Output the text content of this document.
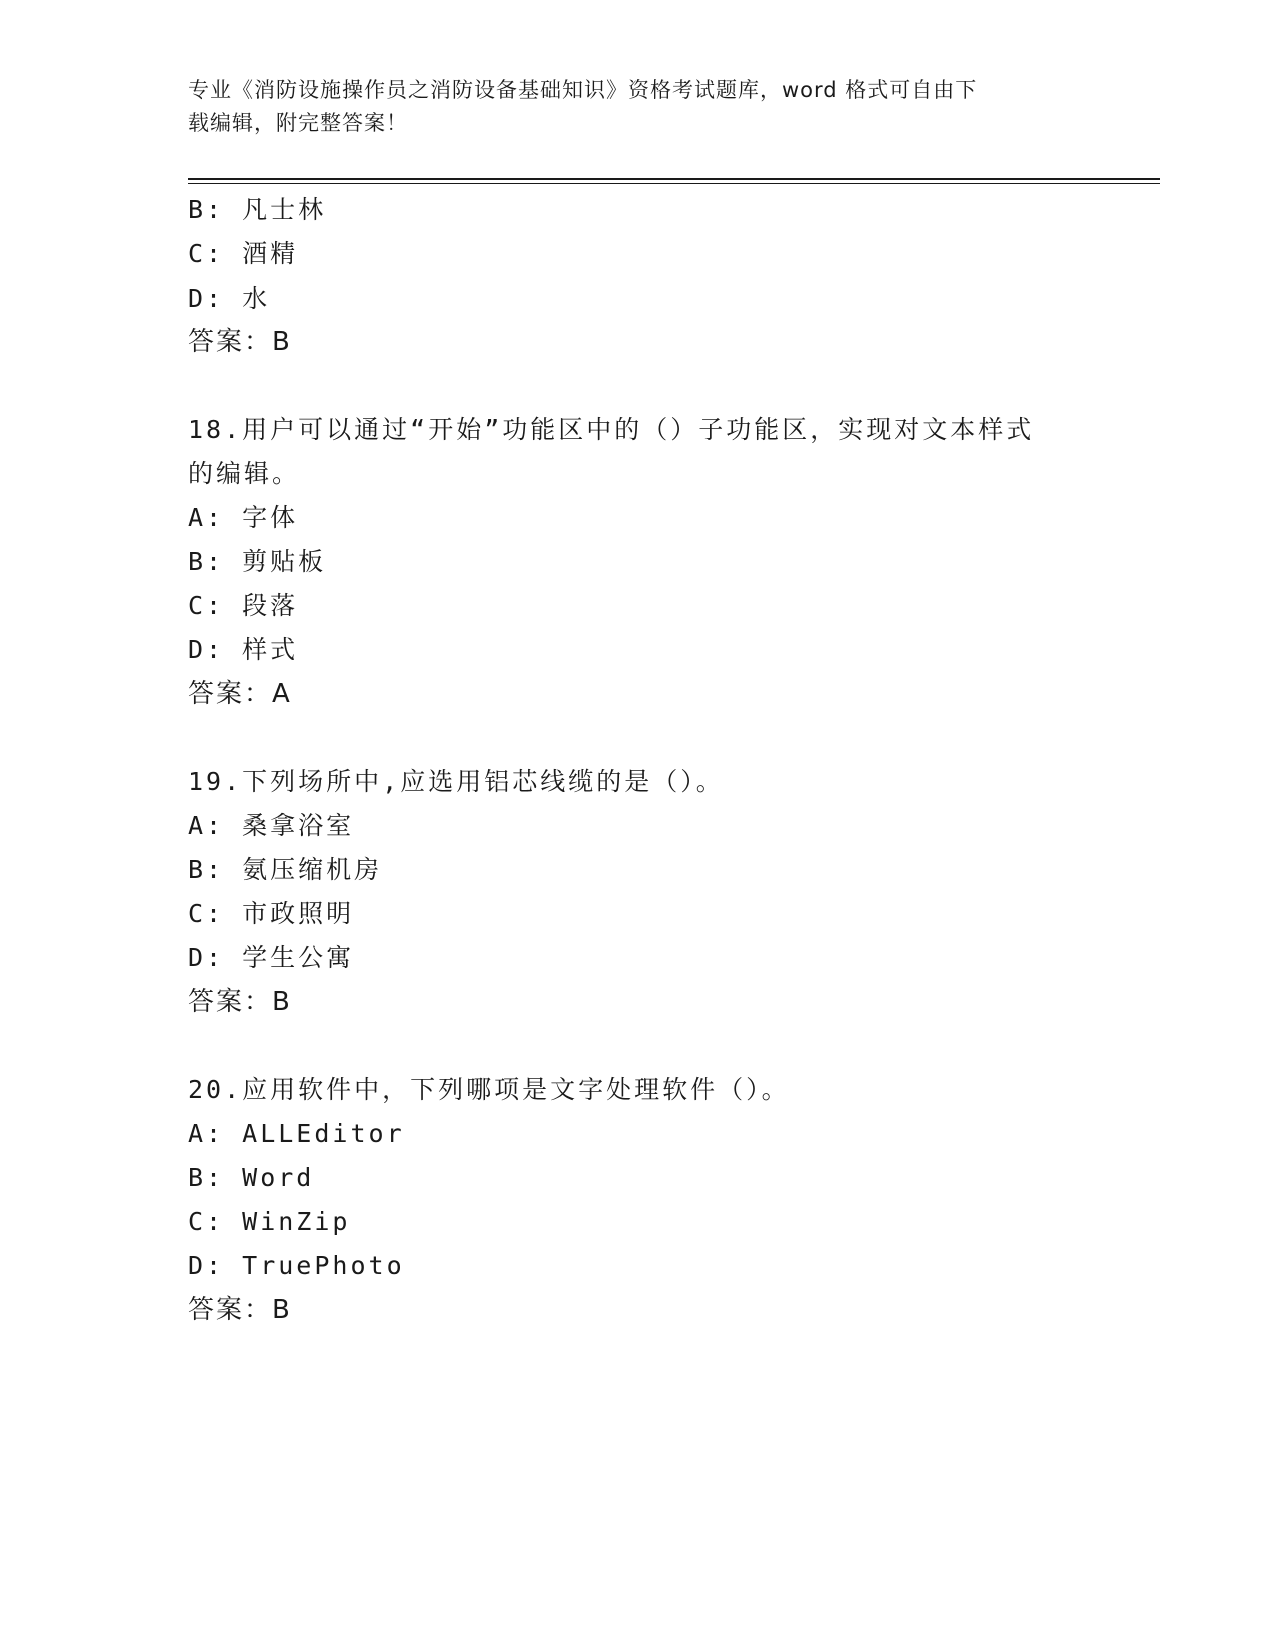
专业《消防设施操作员之消防设备基础知识》资格考试题库，word 格式可自由下
载编辑，附完整答案！
B: 凡士林
C: 酒精
D: 水
答案：B
18.用户可以通过“开始”功能区中的（）子功能区，实现对文本样式
的编辑。
A: 字体
B: 剪贴板
C: 段落
D: 样式
答案：A
19.下列场所中,应选用铝芯线缆的是（）。
A: 桑拿浴室
B: 氨压缩机房
C: 市政照明
D: 学生公寓
答案：B
20.应用软件中，下列哪项是文字处理软件（）。
A: ALLEditor
B: Word
C: WinZip
D: TruePhoto
答案：B
